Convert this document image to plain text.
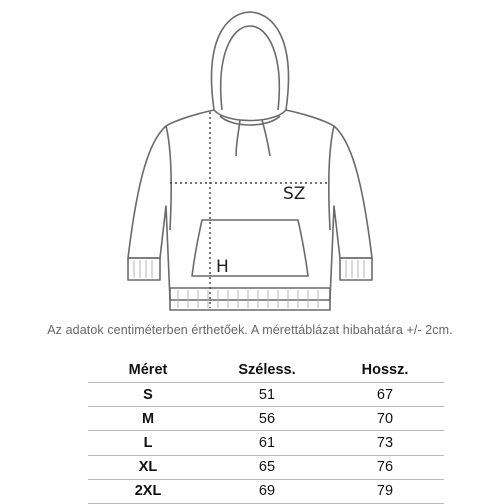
SZ
H
Az adatok centiméterben érthetőek. A mérettáblázat hibahatára +/- 2cm.
Méret	Széless.	Hossz.
S	51	67
M	56	70
L	61	73
XL	65	76
2XL	69	79
